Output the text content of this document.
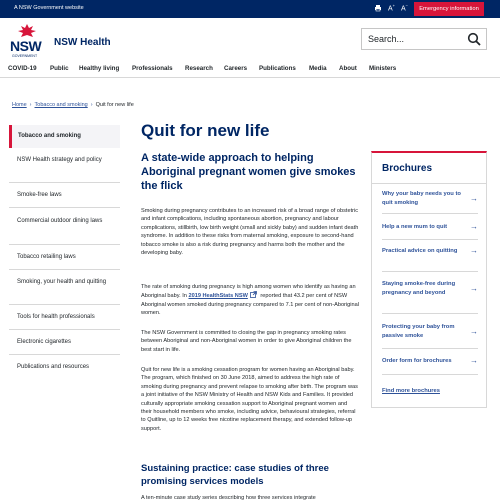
A NSW Government website	A+ A−
Emergency information
NSW
GOVERNMENT
NSW Health	Search...
COVID-19 Public Healthy living Professionals Research Careers Publications Media About Ministers
Home › Tobacco and smoking › Quit for new life
Tobacco and smoking
NSW Health strategy and policy
Smoke-free laws
Commercial outdoor dining laws
Tobacco retailing laws
Smoking, your health and quitting
Tools for health professionals
Electronic cigarettes
Publications and resources
Quit for new life
A state-wide approach to helping Aboriginal pregnant women give smokes the flick

Smoking during pregnancy contributes to an increased risk of a broad range of obstetric and infant complications, including spontaneous abortion, pregnancy and labour complications, stillbirth, low birth weight (small and sickly baby) and sudden infant death syndrome. In addition to these risks from maternal smoking, exposure to second-hand tobacco smoke is also a risk during pregnancy and harms both the mother and the developing baby.

The rate of smoking during pregnancy is high among women who identify as having an Aboriginal baby. In 2019 HealthStats NSW reported that 43.2 per cent of NSW Aboriginal women smoked during pregnancy compared to 7.1 per cent of non-Aboriginal women.

The NSW Government is committed to closing the gap in pregnancy smoking rates between Aboriginal and non-Aboriginal women in order to give Aboriginal children the best start in life.

Quit for new life is a smoking cessation program for women having an Aboriginal baby. The program, which finished on 30 June 2018, aimed to address the high rate of smoking during pregnancy and prevent relapse to smoking after birth. The program was a joint initiative of the NSW Ministry of Health and NSW Kids and Families. It provided culturally appropriate smoking cessation support to Aboriginal pregnant women and their household members who smoke, including advice, behavioural strategies, referral to Quitline, up to 12 weeks free nicotine replacement therapy, and extended follow-up support.

Sustaining practice: case studies of three promising services models

A ten-minute case study series describing how three services integrate

Brochures
Why your baby needs you to quit smoking
→
Help a new mum to quit	→
Practical advice on quitting	→
Staying smoke-free during pregnancy and beyond
→
Protecting your baby from passive smoke
→
Order form for brochures	→
Find more brochures
